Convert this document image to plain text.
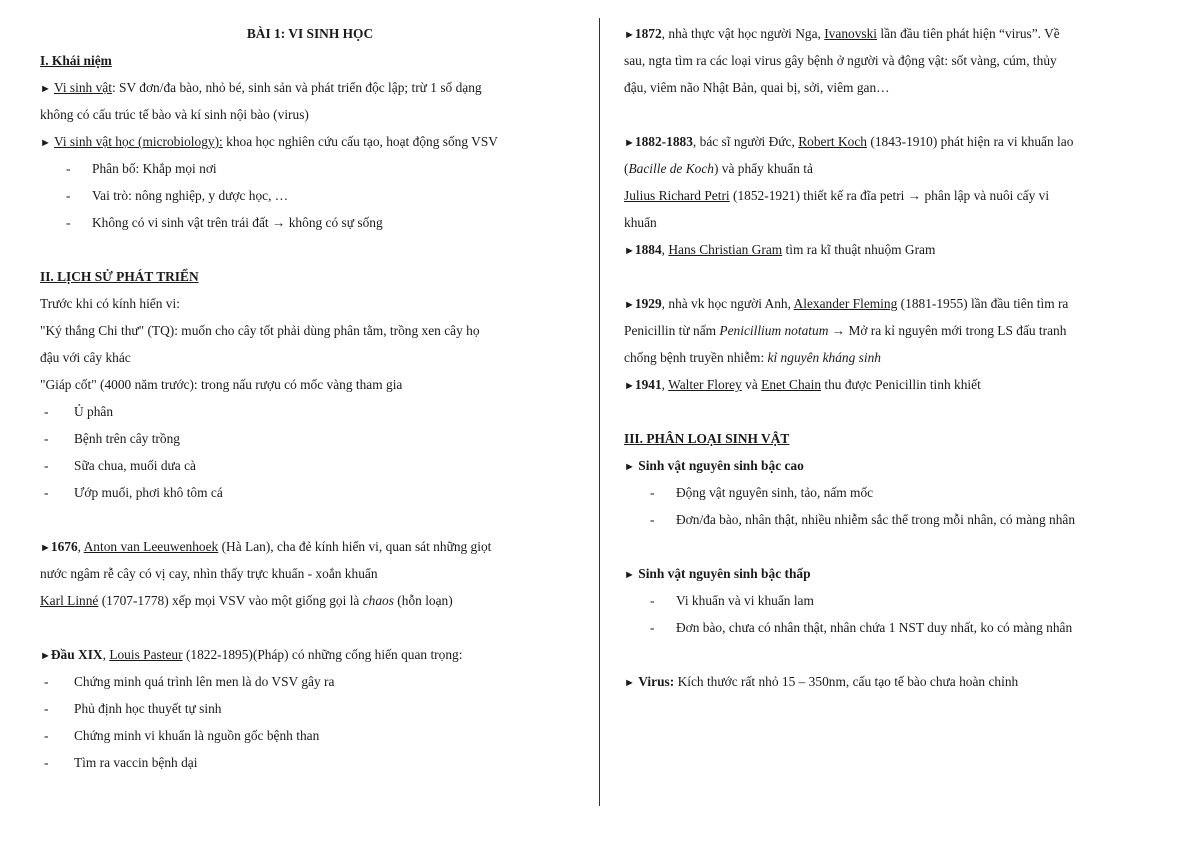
BÀI 1: VI SINH HỌC
I. Khái niệm
► Vi sinh vật: SV đơn/đa bào, nhỏ bé, sinh sản và phát triển độc lập; trừ 1 số dạng
không có cấu trúc tế bào và kí sinh nội bào (virus)
► Vi sinh vật học (microbiology): khoa học nghiên cứu cấu tạo, hoạt động sống VSV
- Phân bố: Khắp mọi nơi
- Vai trò: nông nghiệp, y dược học, …
- Không có vi sinh vật trên trái đất → không có sự sống
II. LỊCH SỬ PHÁT TRIỂN
Trước khi có kính hiển vi:
"Ký thắng Chi thư" (TQ): muốn cho cây tốt phải dùng phân tằm, trồng xen cây họ
đậu với cây khác
"Giáp cốt" (4000 năm trước): trong nấu rượu có mốc vàng tham gia
- Ủ phân
- Bệnh trên cây trồng
- Sữa chua, muối dưa cà
- Ướp muối, phơi khô tôm cá
►1676, Anton van Leeuwenhoek (Hà Lan), cha đẻ kính hiển vi, quan sát những giọt
nước ngâm rễ cây có vị cay, nhìn thấy trực khuẩn - xoắn khuẩn
Karl Linné (1707-1778) xếp mọi VSV vào một giống gọi là chaos (hỗn loạn)
►Đầu XIX, Louis Pasteur (1822-1895)(Pháp) có những cống hiến quan trọng:
- Chứng minh quá trình lên men là do VSV gây ra
- Phủ định học thuyết tự sinh
- Chứng minh vi khuẩn là nguồn gốc bệnh than
- Tìm ra vaccin bệnh dại
►1872, nhà thực vật học người Nga, Ivanovski lần đầu tiên phát hiện “virus”. Về
sau, ngta tìm ra các loại virus gây bệnh ở người và động vật: sốt vàng, cúm, thủy
đậu, viêm não Nhật Bản, quai bị, sởi, viêm gan…
►1882-1883, bác sĩ người Đức, Robert Koch (1843-1910) phát hiện ra vi khuẩn lao
(Bacille de Koch) và phẩy khuẩn tả
Julius Richard Petri (1852-1921) thiết kế ra đĩa petri → phân lập và nuôi cấy vi
khuẩn
►1884, Hans Christian Gram tìm ra kĩ thuật nhuộm Gram
►1929, nhà vk học người Anh, Alexander Fleming (1881-1955) lần đầu tiên tìm ra
Penicillin từ nấm Penicillium notatum → Mở ra kỉ nguyên mới trong LS đấu tranh
chống bệnh truyền nhiễm: kỉ nguyên kháng sinh
►1941, Walter Florey và Enet Chain thu được Penicillin tinh khiết
III. PHÂN LOẠI SINH VẬT
► Sinh vật nguyên sinh bậc cao
- Động vật nguyên sinh, tảo, nấm mốc
- Đơn/đa bào, nhân thật, nhiều nhiễm sắc thể trong mỗi nhân, có màng nhân
► Sinh vật nguyên sinh bậc thấp
- Vi khuẩn và vi khuẩn lam
- Đơn bào, chưa có nhân thật, nhân chứa 1 NST duy nhất, ko có màng nhân
► Virus: Kích thước rất nhỏ 15 – 350nm, cấu tạo tế bào chưa hoàn chỉnh
